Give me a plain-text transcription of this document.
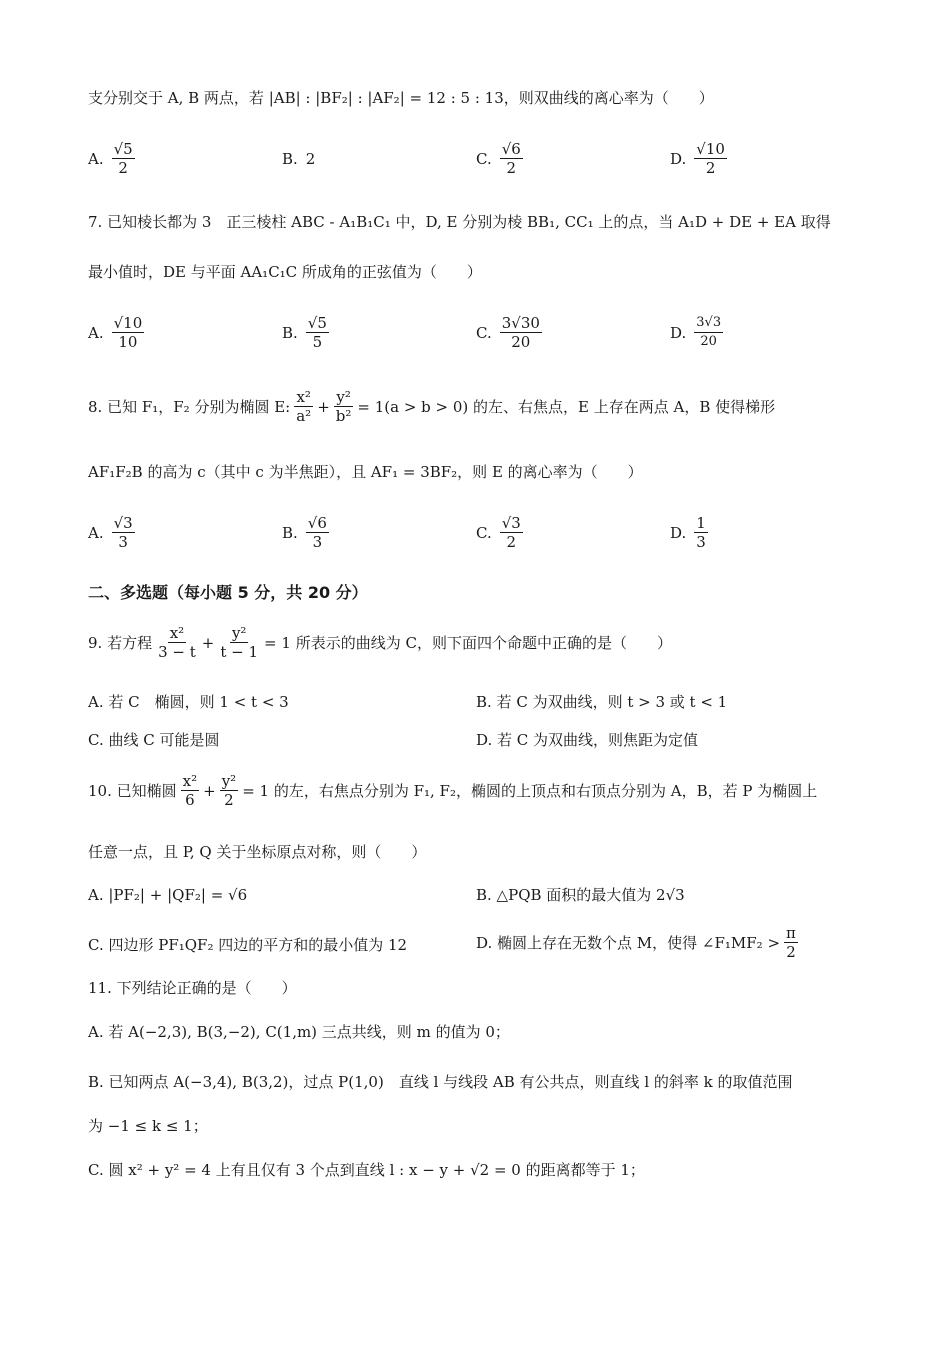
支分别交于 A, B 两点，若 |AB| : |BF₂| : |AF₂| = 12 : 5 : 13，则双曲线的离心率为（　　）
A. $\frac{√5}{2}$	B. 2	C. $\frac{√6}{2}$	D. $\frac{√10}{2}$
7. 已知棱长都为 3　正三棱柱 ABC - A₁B₁C₁ 中，D, E 分别为棱 BB₁, CC₁ 上的点，当 A₁D + DE + EA 取得
最小值时，DE 与平面 AA₁C₁C 所成角的正弦值为（　　）
A. $\frac{√10}{10}$	B. $\frac{√5}{5}$	C. $\frac{3√30}{20}$	D. $\frac{3√3}{20}$
8. 已知 F₁，F₂ 分别为椭圆 E: $\frac{\text{x²}}{\text{a²}} + \frac{\text{y²}}{\text{b²}} = 1(a > b > 0)$ 的左、右焦点，E 上存在两点 A，B 使得梯形
AF₁F₂B 的高为 c（其中 c 为半焦距），且 AF₁ = 3BF₂，则 E 的离心率为（　　）
A. $\frac{√3}{3}$	B. $\frac{√6}{3}$	C. $\frac{√3}{2}$	D. $\frac{1}{3}$
二、多选题（每小题 5 分，共 20 分）
9. 若方程 $\frac{\text{x²}}{3 - t} + \frac{\text{y²}}{t - 1} = 1$ 所表示的曲线为 C，则下面四个命题中正确的是（　　）
A. 若 C　椭圆，则 1 < t < 3	B. 若 C 为双曲线，则 t > 3 或 t < 1
C. 曲线 C 可能是圆	D. 若 C 为双曲线，则焦距为定值
10. 已知椭圆 $\frac{\text{x²}}{6} + \frac{\text{y²}}{2} = 1$ 的左，右焦点分别为 F₁, F₂，椭圆的上顶点和右顶点分别为 A，B，若 P 为椭圆上
任意一点，且 P, Q 关于坐标原点对称，则（　　）
A. |PF₂| + |QF₂| = √6	B. △PQB 面积的最大值为 2√3
C. 四边形 PF₁QF₂ 四边的平方和的最小值为 12	D. 椭圆上存在无数个点 M，使得 ∠F₁MF₂ > $\frac{\pi}{2}$
11. 下列结论正确的是（　　）
A. 若 A(−2,3), B(3,−2), C(1,m) 三点共线，则 m 的值为 0；
B. 已知两点 A(−3,4), B(3,2)，过点 P(1,0)　直线 l 与线段 AB 有公共点，则直线 l 的斜率 k 的取值范围
为 −1 ≤ k ≤ 1；
C. 圆 x² + y² = 4 上有且仅有 3 个点到直线 l : x − y + √2 = 0 的距离都等于 1；
